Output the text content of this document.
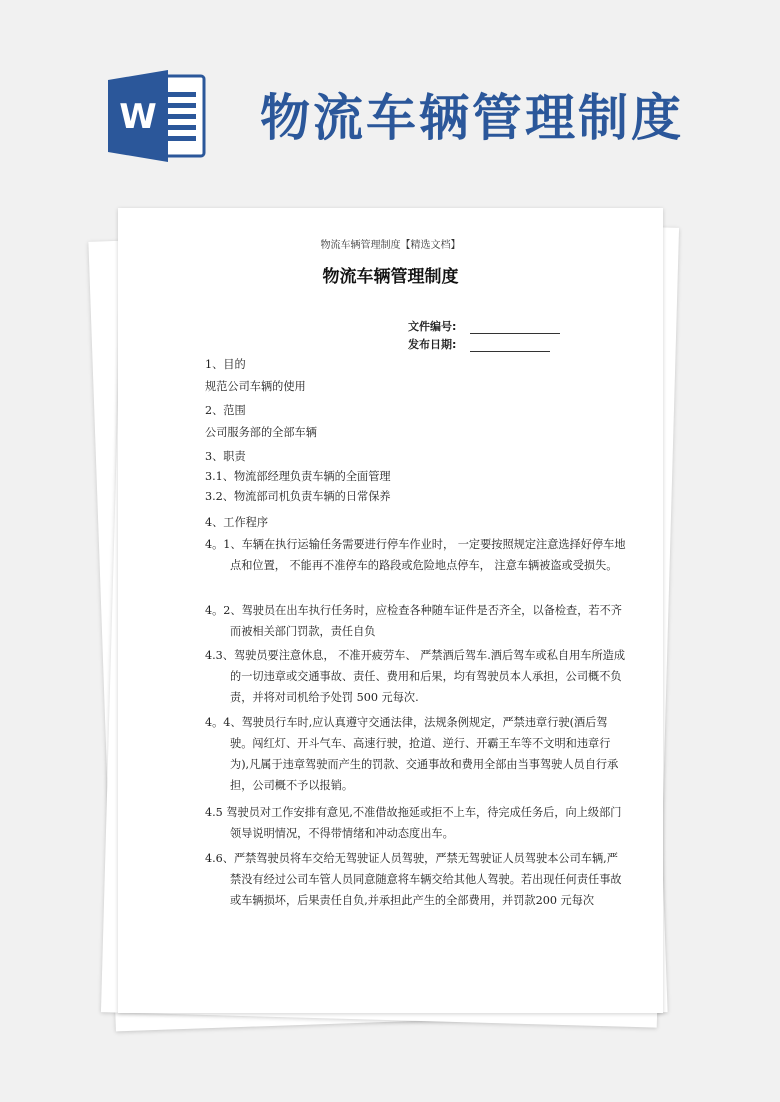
W 物流车辆管理制度
物流车辆管理制度【精选文档】
物流车辆管理制度
文件编号:
发布日期:
1、目的
规范公司车辆的使用
2、范围
公司服务部的全部车辆
3、职责
3.1、物流部经理负责车辆的全面管理
3.2、物流部司机负责车辆的日常保养
4、工作程序
4。1、车辆在执行运输任务需要进行停车作业时， 一定要按照规定注意选择好停车地点和位置， 不能再不准停车的路段或危险地点停车， 注意车辆被盗或受损失。
4。2、驾驶员在出车执行任务时，应检查各种随车证件是否齐全，以备检查，若不齐而被相关部门罚款，责任自负
4.3、驾驶员要注意休息， 不准开疲劳车、 严禁酒后驾车.酒后驾车或私自用车所造成的一切违章或交通事故、责任、费用和后果，均有驾驶员本人承担，公司概不负责，并将对司机给予处罚 500 元每次.
4。4、驾驶员行车时,应认真遵守交通法律，法规条例规定，严禁违章行驶(酒后驾驶。闯红灯、开斗气车、高速行驶，抢道、逆行、开霸王车等不文明和违章行为),凡属于违章驾驶而产生的罚款、交通事故和费用全部由当事驾驶人员自行承担，公司概不予以报销。
4.5 驾驶员对工作安排有意见,不准借故拖延或拒不上车，待完成任务后，向上级部门领导说明情况，不得带情绪和冲动态度出车。
4.6、严禁驾驶员将车交给无驾驶证人员驾驶，严禁无驾驶证人员驾驶本公司车辆,严禁没有经过公司车管人员同意随意将车辆交给其他人驾驶。若出现任何责任事故或车辆损坏，后果责任自负,并承担此产生的全部费用，并罚款200 元每次
